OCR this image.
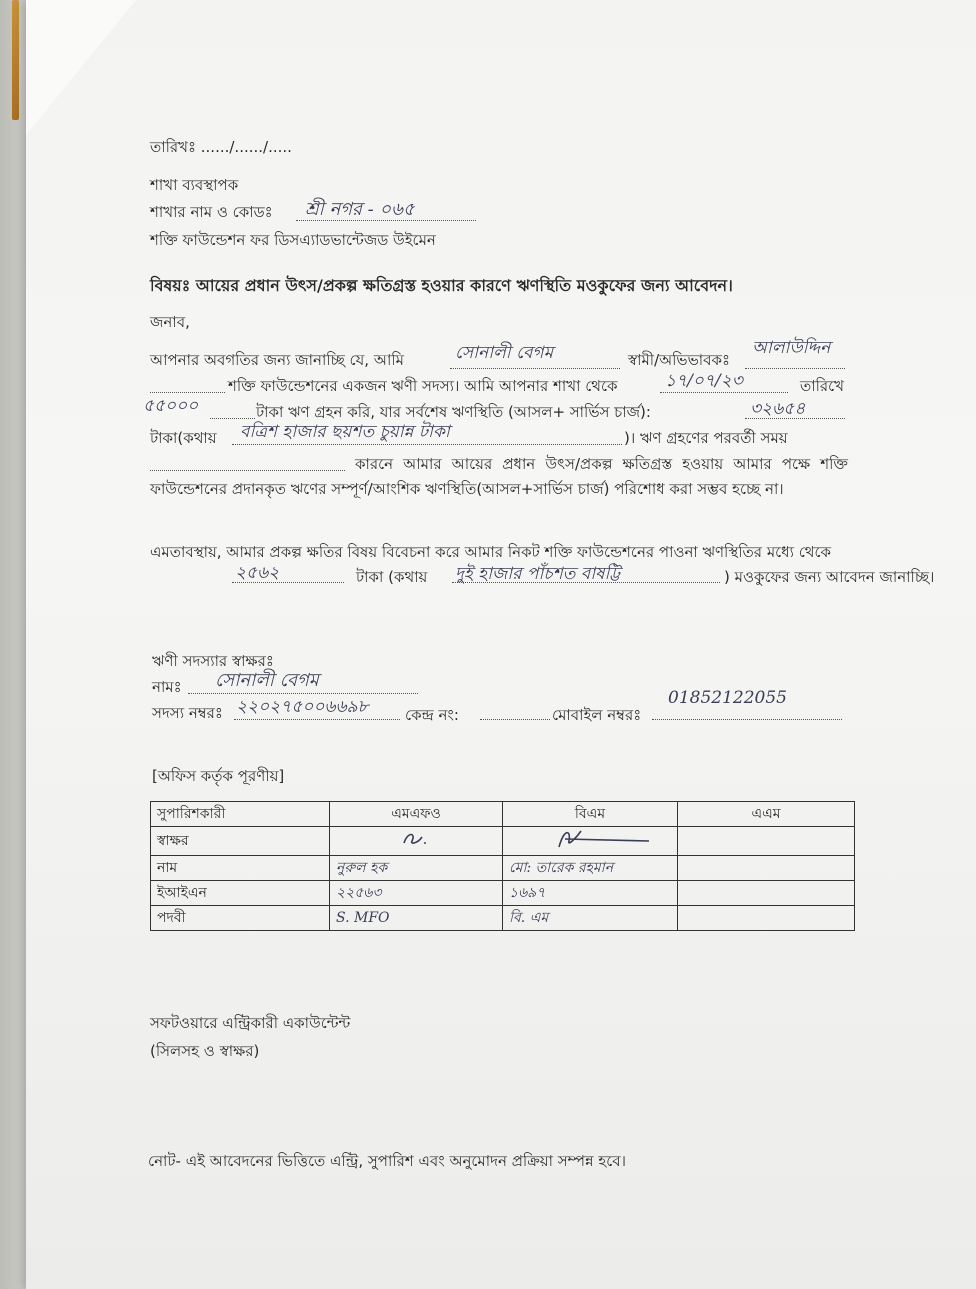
তারিখঃ ....../....../.....
শাখা ব্যবস্থাপক
শাখার নাম ও কোডঃ শ্রী নগর - ০৬৫
শক্তি ফাউন্ডেশন ফর ডিসএ্যাডভান্টেজড উইমেন
বিষয়ঃ আয়ের প্রধান উৎস/প্রকল্প ক্ষতিগ্রস্ত হওয়ার কারণে ঋণস্থিতি মওকুফের জন্য আবেদন।
জনাব,
আপনার অবগতির জন্য জানাচ্ছি যে, আমি	সোনালী বেগম	স্বামী/অভিভাবকঃ
আলাউদ্দিন
শক্তি ফাউন্ডেশনের একজন ঋণী সদস্য। আমি আপনার শাখা থেকে	১৭/০৭/২৩	তারিখে
৫৫০০০	টাকা ঋণ গ্রহন করি, যার সর্বশেষ ঋণস্থিতি (আসল+ সার্ভিস চার্জ):	৩২৬৫৪
টাকা(কথায় বত্রিশ হাজার ছয়শত চুয়ান্ন টাকা	)। ঋণ গ্রহণের পরবর্তী সময়
কারনে আমার আয়ের প্রধান উৎস/প্রকল্প ক্ষতিগ্রস্ত হওয়ায় আমার পক্ষে শক্তি ফাউন্ডেশনের প্রদানকৃত ঋণের সম্পূর্ণ/আংশিক ঋণস্থিতি(আসল+সার্ভিস চার্জ) পরিশোধ করা সম্ভব হচ্ছে না।
এমতাবস্থায়, আমার প্রকল্প ক্ষতির বিষয় বিবেচনা করে আমার নিকট শক্তি ফাউন্ডেশনের পাওনা ঋণস্থিতির মধ্যে থেকে
২৫৬২	টাকা (কথায় দুই হাজার পাঁচশত বাষট্টি	) মওকুফের জন্য আবেদন জানাচ্ছি।
ঋণী সদস্যার স্বাক্ষরঃ
নামঃ সোনালী বেগম
সদস্য নম্বরঃ ২২০২৭৫০০৬৬৯৮ কেন্দ্র নং:	মোবাইল নম্বরঃ
01852122055
[অফিস কর্তৃক পূরণীয়]
সুপারিশকারী	এমএফও	বিএম	এএম
স্বাক্ষর			
নাম	নুরুল হক	মো: তারেক রহমান	
ইআইএন	২২৫৬৩	১৬৯৭	
পদবী	S. MFO	বি. এম	
সফটওয়ারে এন্ট্রিকারী একাউন্টেন্ট
(সিলসহ ও স্বাক্ষর)
নোট- এই আবেদনের ভিত্তিতে এন্ট্রি, সুপারিশ এবং অনুমোদন প্রক্রিয়া সম্পন্ন হবে।
